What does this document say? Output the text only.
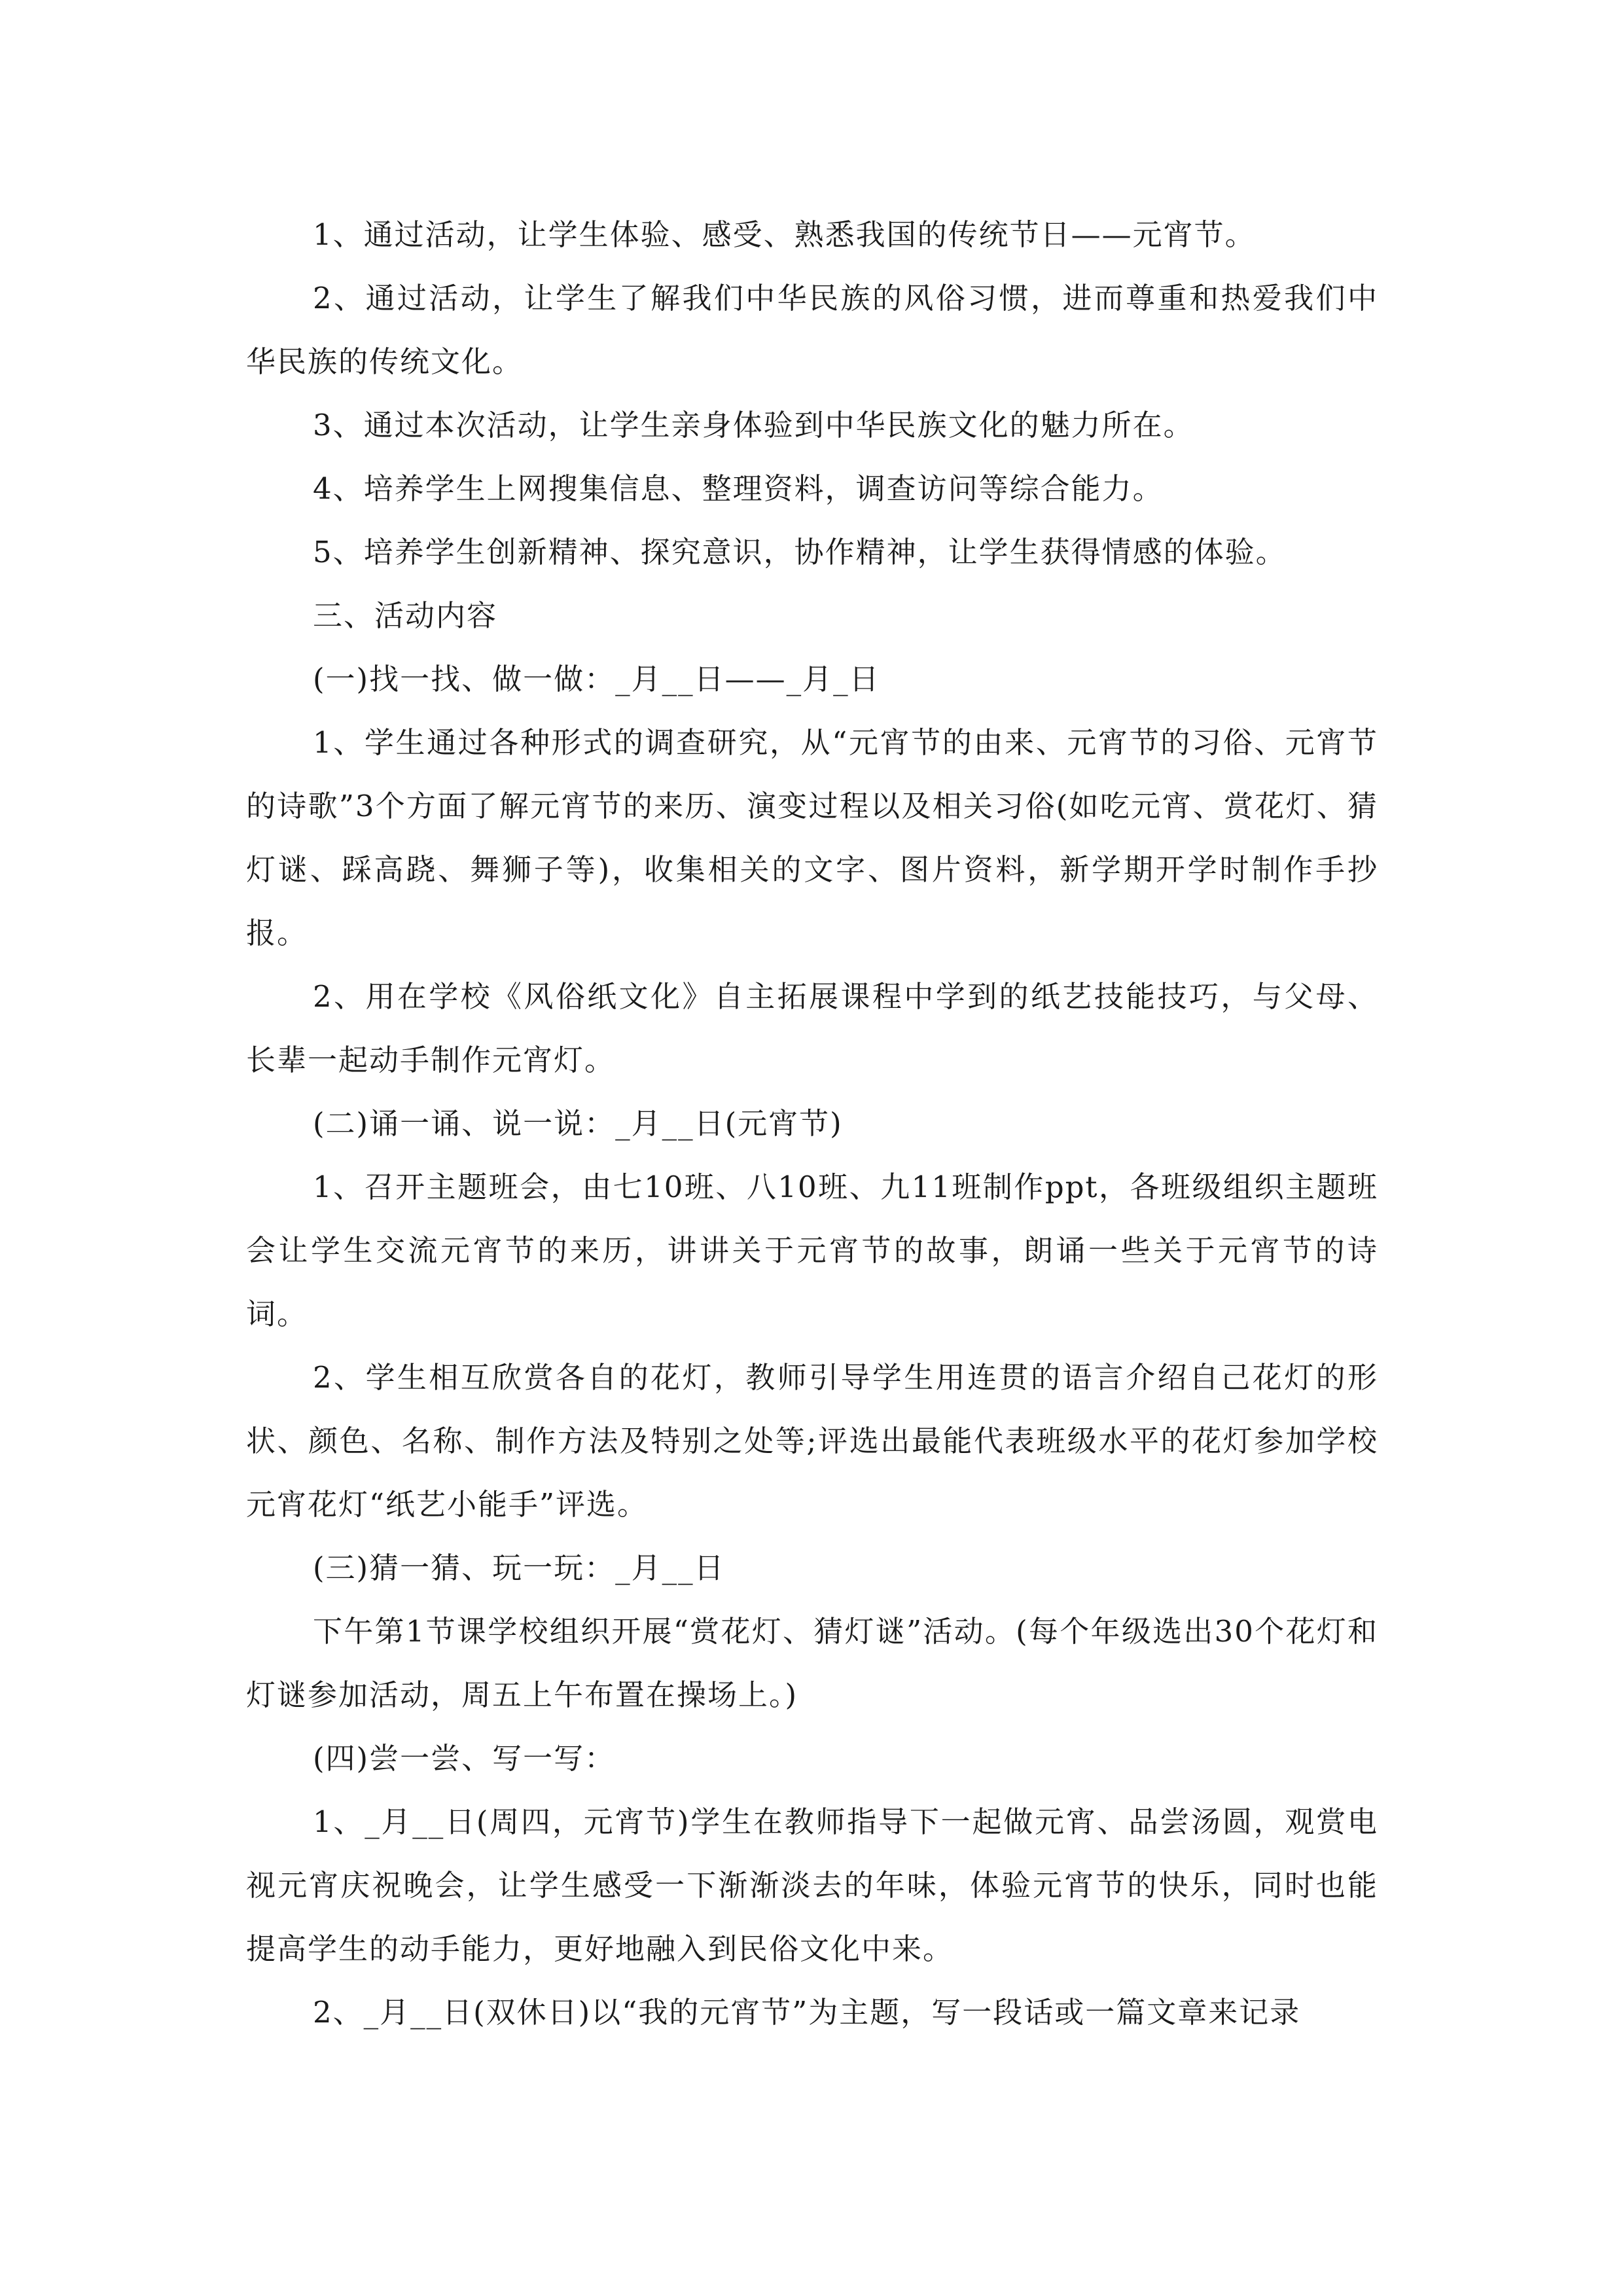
1、通过活动，让学生体验、感受、熟悉我国的传统节日——元宵节。

2、通过活动，让学生了解我们中华民族的风俗习惯，进而尊重和热爱我们中华民族的传统文化。

3、通过本次活动，让学生亲身体验到中华民族文化的魅力所在。

4、培养学生上网搜集信息、整理资料，调查访问等综合能力。

5、培养学生创新精神、探究意识，协作精神，让学生获得情感的体验。

三、活动内容

(一)找一找、做一做：_月__日——_月_日

1、学生通过各种形式的调查研究，从“元宵节的由来、元宵节的习俗、元宵节的诗歌”3个方面了解元宵节的来历、演变过程以及相关习俗(如吃元宵、赏花灯、猜灯谜、踩高跷、舞狮子等)，收集相关的文字、图片资料，新学期开学时制作手抄报。

2、用在学校《风俗纸文化》自主拓展课程中学到的纸艺技能技巧，与父母、长辈一起动手制作元宵灯。

(二)诵一诵、说一说：_月__日(元宵节)

1、召开主题班会，由七10班、八10班、九11班制作ppt，各班级组织主题班会让学生交流元宵节的来历，讲讲关于元宵节的故事，朗诵一些关于元宵节的诗词。

2、学生相互欣赏各自的花灯，教师引导学生用连贯的语言介绍自己花灯的形状、颜色、名称、制作方法及特别之处等;评选出最能代表班级水平的花灯参加学校元宵花灯“纸艺小能手”评选。

(三)猜一猜、玩一玩：_月__日

下午第1节课学校组织开展“赏花灯、猜灯谜”活动。(每个年级选出30个花灯和灯谜参加活动，周五上午布置在操场上。)

(四)尝一尝、写一写：

1、_月__日(周四，元宵节)学生在教师指导下一起做元宵、品尝汤圆，观赏电视元宵庆祝晚会，让学生感受一下渐渐淡去的年味，体验元宵节的快乐，同时也能提高学生的动手能力，更好地融入到民俗文化中来。

2、_月__日(双休日)以“我的元宵节”为主题，写一段话或一篇文章来记录
